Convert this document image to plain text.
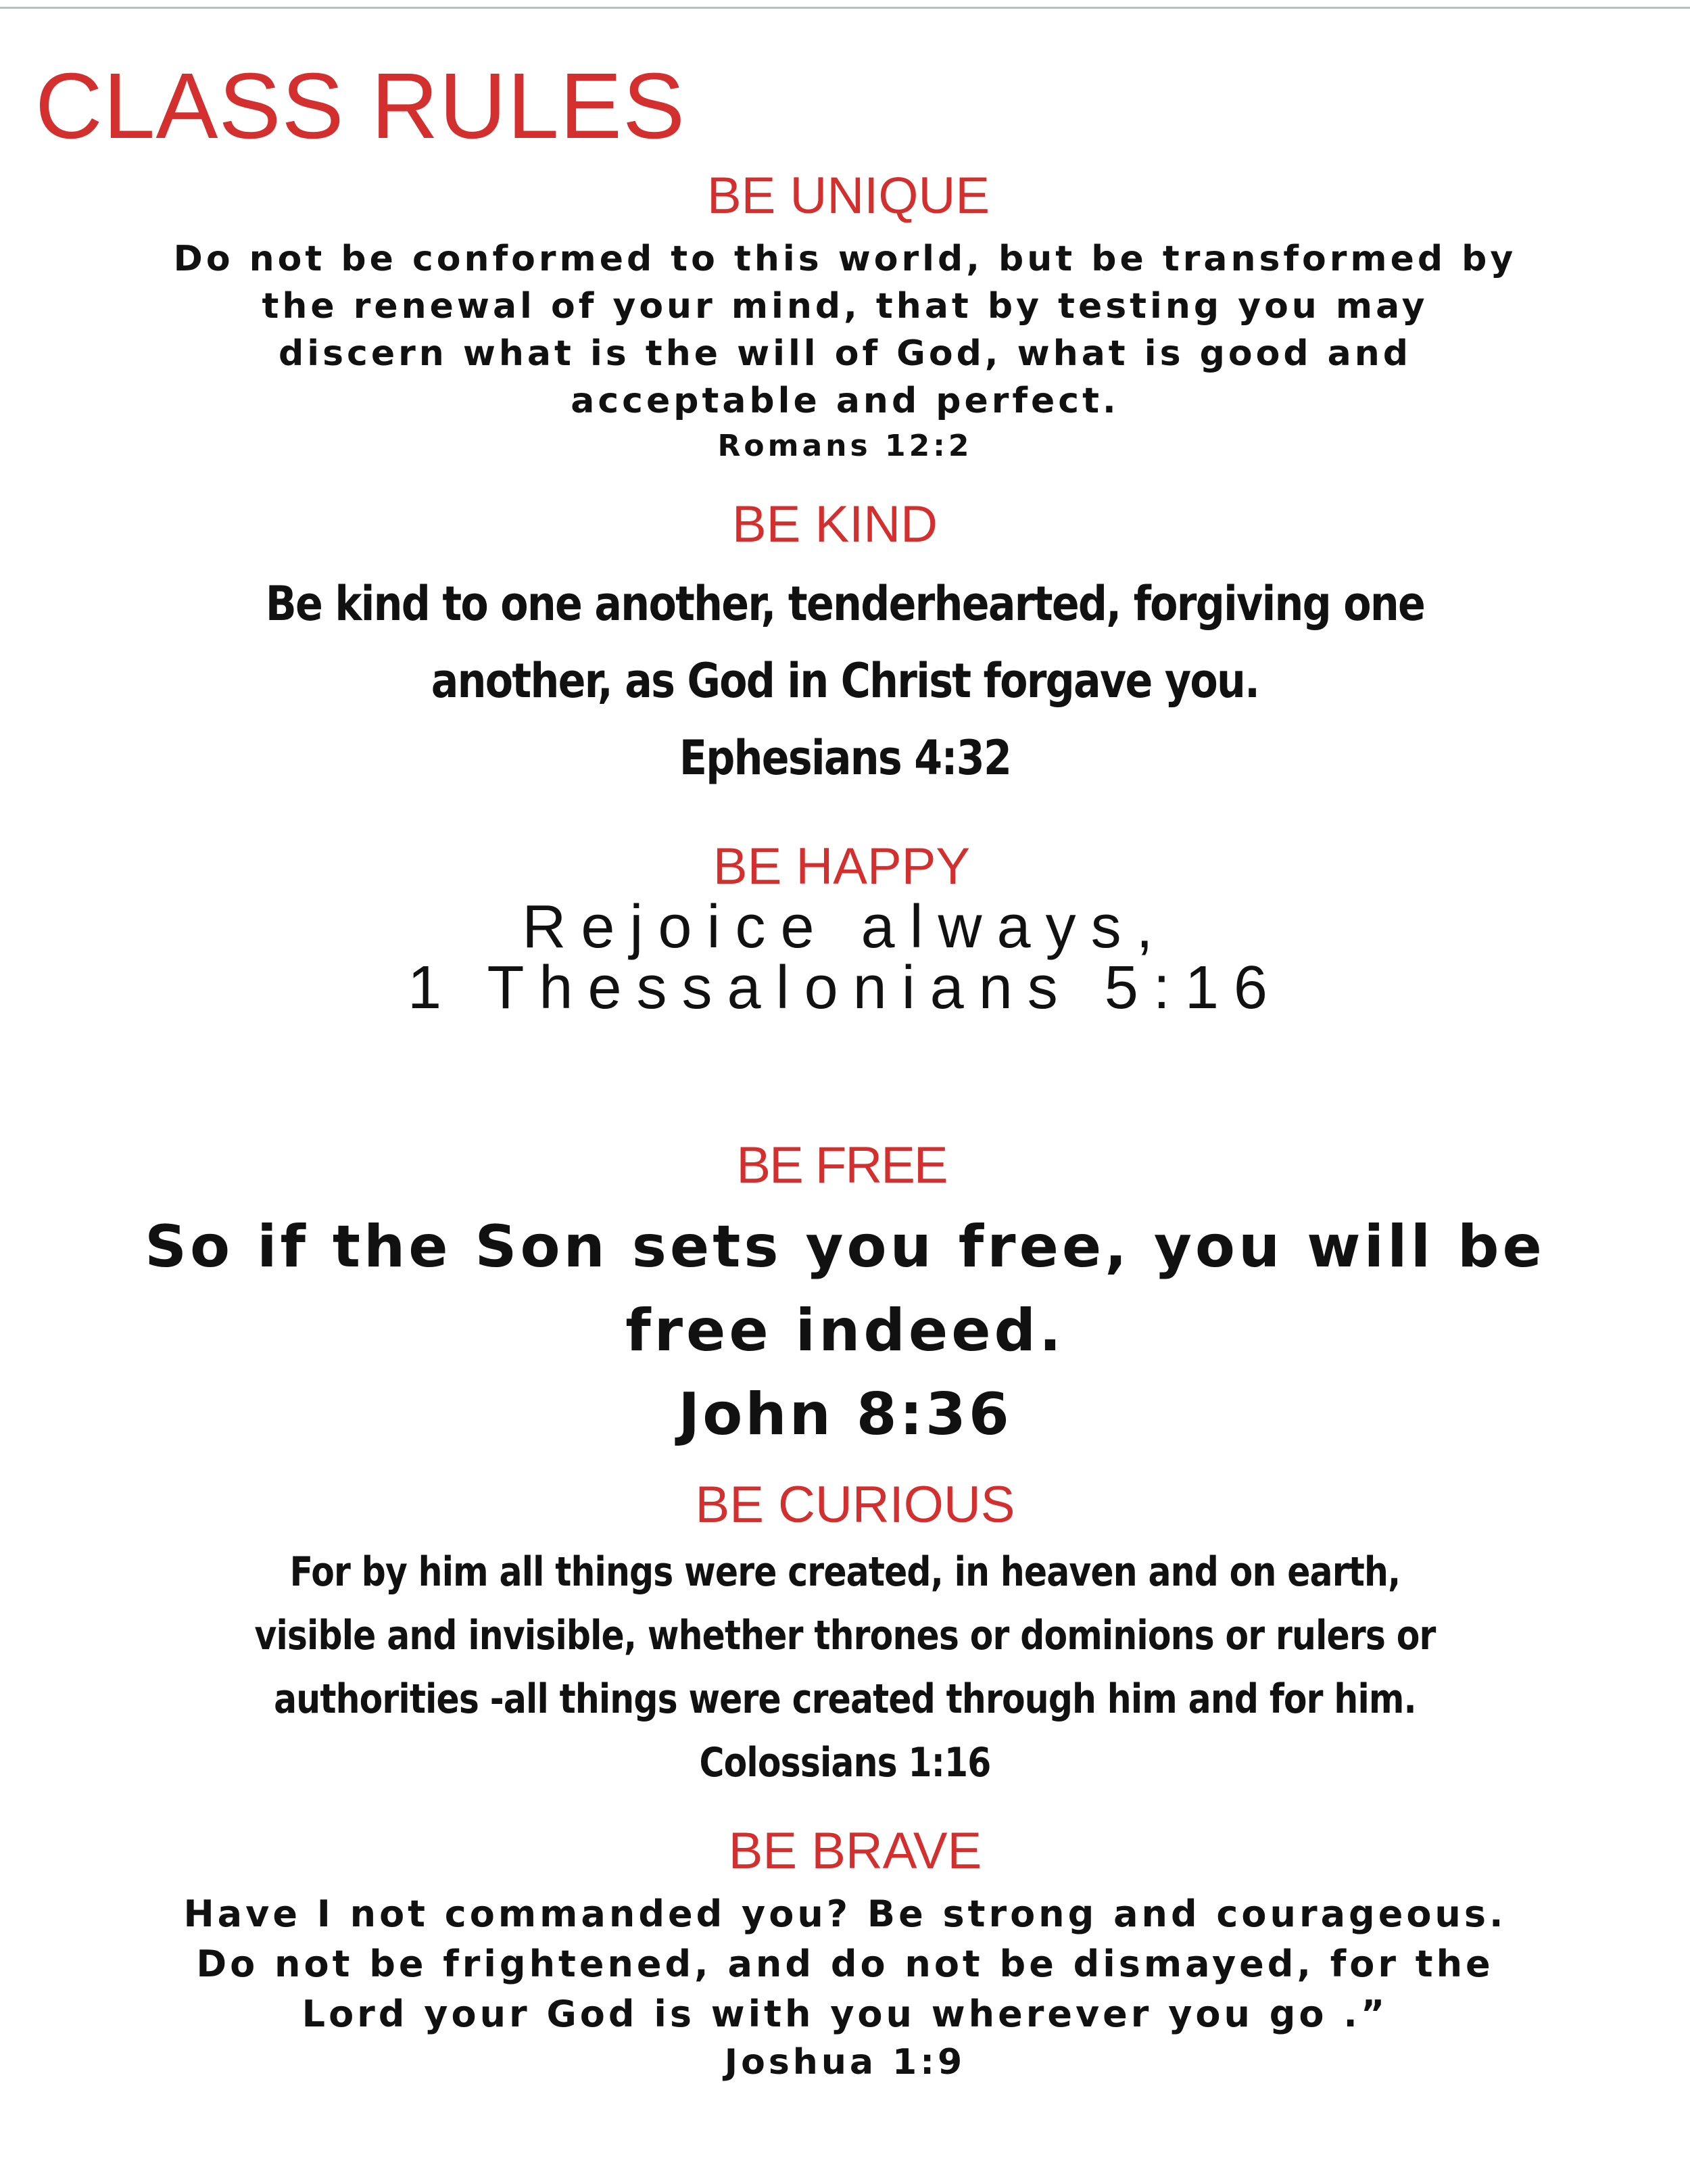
CLASS RULES
BE UNIQUE

Do not be conformed to this world, but be transformed by the renewal of your mind, that by testing you may discern what is the will of God, what is good and acceptable and perfect.

Romans 12:2

BE KIND

Be kind to one another, tenderhearted, forgiving one another, as God in Christ forgave you.

Ephesians 4:32

BE HAPPY

Rejoice always,

1 Thessalonians 5:16

BE FREE

So if the Son sets you free, you will be free indeed.

John 8:36

BE CURIOUS

For by him all things were created, in heaven and on earth, visible and invisible, whether thrones or dominions or rulers or authorities -all things were created through him and for him.

Colossians 1:16

BE BRAVE

Have I not commanded you? Be strong and courageous. Do not be frightened, and do not be dismayed, for the Lord your God is with you wherever you go .”

Joshua 1:9
